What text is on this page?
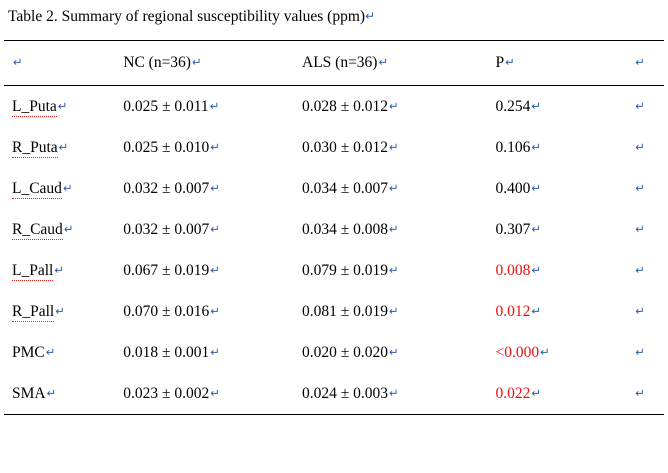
Table 2. Summary of regional susceptibility values (ppm)↵
↵	NC (n=36)↵	ALS (n=36)↵	P↵	↵
L_Puta↵	0.025 ± 0.011↵	0.028 ± 0.012↵	0.254↵	↵
R_Puta↵	0.025 ± 0.010↵	0.030 ± 0.012↵	0.106↵	↵
L_Caud↵	0.032 ± 0.007↵	0.034 ± 0.007↵	0.400↵	↵
R_Caud↵	0.032 ± 0.007↵	0.034 ± 0.008↵	0.307↵	↵
L_Pall↵	0.067 ± 0.019↵	0.079 ± 0.019↵	0.008↵	↵
R_Pall↵	0.070 ± 0.016↵	0.081 ± 0.019↵	0.012↵	↵
PMC↵	0.018 ± 0.001↵	0.020 ± 0.020↵	<0.000↵	↵
SMA↵	0.023 ± 0.002↵	0.024 ± 0.003↵	0.022↵	↵
